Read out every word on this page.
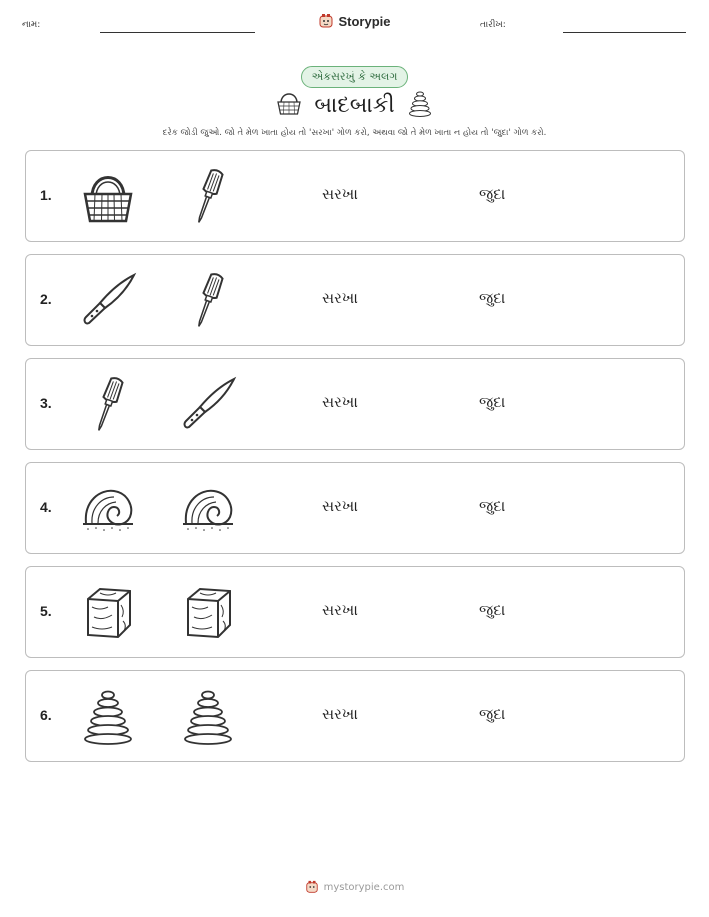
નામ:	Storypie	તારીખ:
એકસરખું કે અલગ
બાદબાકી
દરેક જોડી જુઓ. જો તે મેળ ખાતા હોય તો 'સરખા' ગોળ કરો, અથવા જો તે મેળ ખાતા ન હોય તો 'જુદા' ગોળ કરો.
1.	સરખા	જુદા
2.	સરખા	જુદા
3.	સરખા	જુદા
4.	સરખા	જુદા
5.	સરખા	જુદા
6.	સરખા	જુદા
mystorypie.com
